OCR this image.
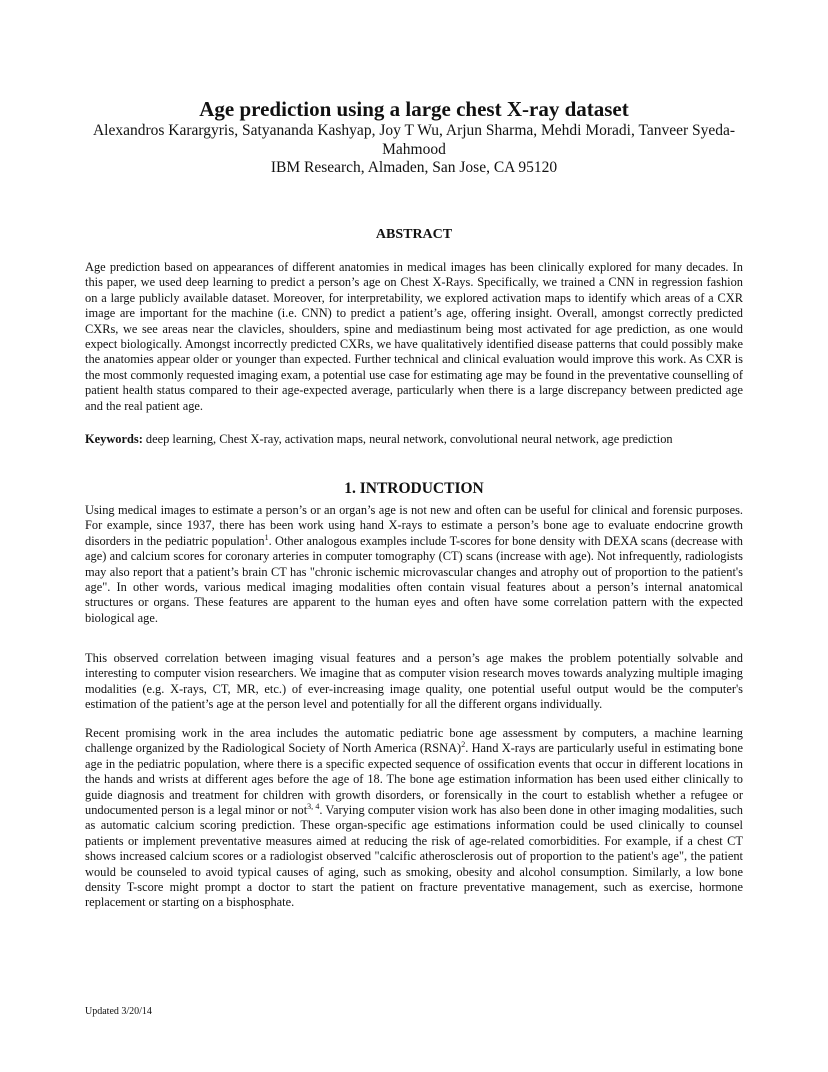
Age prediction using a large chest X-ray dataset
Alexandros Karargyris, Satyananda Kashyap, Joy T Wu, Arjun Sharma, Mehdi Moradi, Tanveer Syeda-Mahmood
IBM Research, Almaden, San Jose, CA 95120
ABSTRACT

Age prediction based on appearances of different anatomies in medical images has been clinically explored for many decades. In this paper, we used deep learning to predict a person’s age on Chest X-Rays. Specifically, we trained a CNN in regression fashion on a large publicly available dataset. Moreover, for interpretability, we explored activation maps to identify which areas of a CXR image are important for the machine (i.e. CNN) to predict a patient’s age, offering insight. Overall, amongst correctly predicted CXRs, we see areas near the clavicles, shoulders, spine and mediastinum being most activated for age prediction, as one would expect biologically. Amongst incorrectly predicted CXRs, we have qualitatively identified disease patterns that could possibly make the anatomies appear older or younger than expected. Further technical and clinical evaluation would improve this work. As CXR is the most commonly requested imaging exam, a potential use case for estimating age may be found in the preventative counselling of patient health status compared to their age-expected average, particularly when there is a large discrepancy between predicted age and the real patient age.

Keywords: deep learning, Chest X-ray, activation maps, neural network, convolutional neural network, age prediction

1. INTRODUCTION

Using medical images to estimate a person’s or an organ’s age is not new and often can be useful for clinical and forensic purposes. For example, since 1937, there has been work using hand X-rays to estimate a person’s bone age to evaluate endocrine growth disorders in the pediatric population$^1$. Other analogous examples include T-scores for bone density with DEXA scans (decrease with age) and calcium scores for coronary arteries in computer tomography (CT) scans (increase with age). Not infrequently, radiologists may also report that a patient’s brain CT has "chronic ischemic microvascular changes and atrophy out of proportion to the patient's age". In other words, various medical imaging modalities often contain visual features about a person’s internal anatomical structures or organs. These features are apparent to the human eyes and often have some correlation pattern with the expected biological age.

This observed correlation between imaging visual features and a person’s age makes the problem potentially solvable and interesting to computer vision researchers. We imagine that as computer vision research moves towards analyzing multiple imaging modalities (e.g. X-rays, CT, MR, etc.) of ever-increasing image quality, one potential useful output would be the computer's estimation of the patient’s age at the person level and potentially for all the different organs individually.

Recent promising work in the area includes the automatic pediatric bone age assessment by computers, a machine learning challenge organized by the Radiological Society of North America (RSNA)$^2$. Hand X-rays are particularly useful in estimating bone age in the pediatric population, where there is a specific expected sequence of ossification events that occur in different locations in the hands and wrists at different ages before the age of 18. The bone age estimation information has been used either clinically to guide diagnosis and treatment for children with growth disorders, or forensically in the court to establish whether a refugee or undocumented person is a legal minor or not$^{3,}$ $^4$. Varying computer vision work has also been done in other imaging modalities, such as automatic calcium scoring prediction. These organ-specific age estimations information could be used clinically to counsel patients or implement preventative measures aimed at reducing the risk of age-related comorbidities. For example, if a chest CT shows increased calcium scores or a radiologist observed "calcific atherosclerosis out of proportion to the patient's age", the patient would be counseled to avoid typical causes of aging, such as smoking, obesity and alcohol consumption. Similarly, a low bone density T-score might prompt a doctor to start the patient on fracture preventative management, such as exercise, hormone replacement or starting on a bisphosphate.

Updated 3/20/14
